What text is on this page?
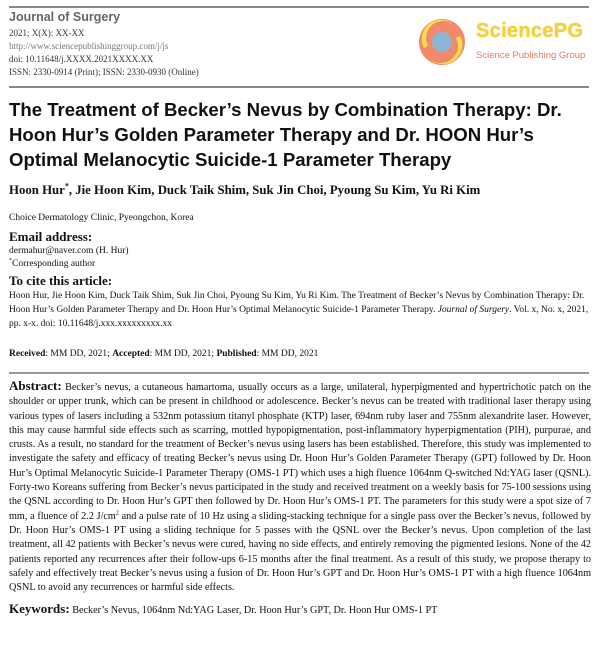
Journal of Surgery
2021; X(X): XX-XX
http://www.sciencepublishinggroup.com/j/js
doi: 10.11648/j.XXXX.2021XXXX.XX
ISSN: 2330-0914 (Print); ISSN: 2330-0930 (Online)
SciencePG
Science Publishing Group
The Treatment of Becker’s Nevus by Combination Therapy: Dr. Hoon Hur’s Golden Parameter Therapy and Dr. HOON Hur’s Optimal Melanocytic Suicide-1 Parameter Therapy
Hoon Hur*, Jie Hoon Kim, Duck Taik Shim, Suk Jin Choi, Pyoung Su Kim, Yu Ri Kim
Choice Dermatology Clinic, Pyeongchon, Korea
Email address:
dermahur@naver.com (H. Hur)
*Corresponding author
To cite this article:
Hoon Hur, Jie Hoon Kim, Duck Taik Shim, Suk Jin Choi, Pyoung Su Kim, Yu Ri Kim. The Treatment of Becker’s Nevus by Combination Therapy: Dr. Hoon Hur’s Golden Parameter Therapy and Dr. Hoon Hur’s Optimal Melanocytic Suicide-1 Parameter Therapy. Journal of Surgery. Vol. x, No. x, 2021, pp. x-x. doi: 10.11648/j.xxx.xxxxxxxxx.xx
Received: MM DD, 2021; Accepted: MM DD, 2021; Published: MM DD, 2021
Abstract: Becker’s nevus, a cutaneous hamartoma, usually occurs as a large, unilateral, hyperpigmented and hypertrichotic patch on the shoulder or upper trunk, which can be present in childhood or adolescence. Becker’s nevus can be treated with traditional laser therapy using various types of lasers including a 532nm potassium titanyl phosphate (KTP) laser, 694nm ruby laser and 755nm alexandrite laser. However, this may cause harmful side effects such as scarring, mottled hypopigmentation, post-inflammatory hyperpigmentation (PIH), purpurae, and crusts. As a result, no standard for the treatment of Becker’s nevus using lasers has been established. Therefore, this study was implemented to investigate the safety and efficacy of treating Becker’s nevus using Dr. Hoon Hur’s Golden Parameter Therapy (GPT) followed by Dr. Hoon Hur’s Optimal Melanocytic Suicide-1 Parameter Therapy (OMS-1 PT) which uses a high fluence 1064nm Q-switched Nd:YAG laser (QSNL). Forty-two Koreans suffering from Becker’s nevus participated in the study and received treatment on a weekly basis for 75-100 sessions using the QSNL according to Dr. Hoon Hur’s GPT then followed by Dr. Hoon Hur’s OMS-1 PT. The parameters for this study were a spot size of 7 mm, a fluence of 2.2 $J/cm^2$ and a pulse rate of 10 Hz using a sliding-stacking technique for a single pass over the Becker’s nevus, followed by Dr. Hoon Hur’s OMS-1 PT using a sliding technique for 5 passes with the QSNL over the Becker’s nevus. Upon completion of the last treatment, all 42 patients with Becker’s nevus were cured, having no side effects, and entirely removing the pigmented lesions. None of the 42 patients reported any recurrences after their follow-ups 6-15 months after the final treatment. As a result of this study, we propose therapy to safely and effectively treat Becker’s nevus using a fusion of Dr. Hoon Hur’s GPT and Dr. Hoon Hur’s OMS-1 PT with a high fluence 1064nm QSNL to avoid any recurrences or harmful side effects.
Keywords: Becker’s Nevus, 1064nm Nd:YAG Laser, Dr. Hoon Hur’s GPT, Dr. Hoon Hur OMS-1 PT
